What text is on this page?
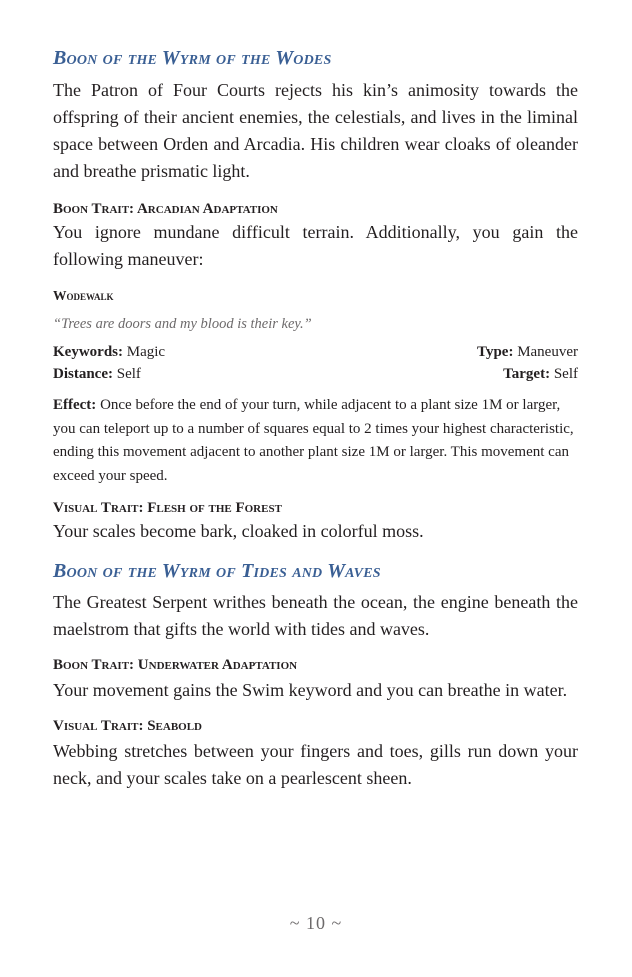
Boon of the Wyrm of the Wodes

The Patron of Four Courts rejects his kin’s animosity towards the offspring of their ancient enemies, the celestials, and lives in the liminal space between Orden and Arcadia. His children wear cloaks of oleander and breathe prismatic light.

Boon Trait: Arcadian Adaptation

You ignore mundane difficult terrain. Additionally, you gain the following maneuver:

Wodewalk
“Trees are doors and my blood is their key.”
Keywords: Magic	Type: Maneuver
Distance: Self	Target: Self

Effect: Once before the end of your turn, while adjacent to a plant size 1M or larger, you can teleport up to a number of squares equal to 2 times your highest characteristic, ending this movement adjacent to another plant size 1M or larger. This movement can exceed your speed.

Visual Trait: Flesh of the Forest

Your scales become bark, cloaked in colorful moss.

Boon of the Wyrm of Tides and Waves

The Greatest Serpent writhes beneath the ocean, the engine beneath the maelstrom that gifts the world with tides and waves.

Boon Trait: Underwater Adaptation

Your movement gains the Swim keyword and you can breathe in water.

Visual Trait: Seabold

Webbing stretches between your fingers and toes, gills run down your neck, and your scales take on a pearlescent sheen.

~ 10 ~
